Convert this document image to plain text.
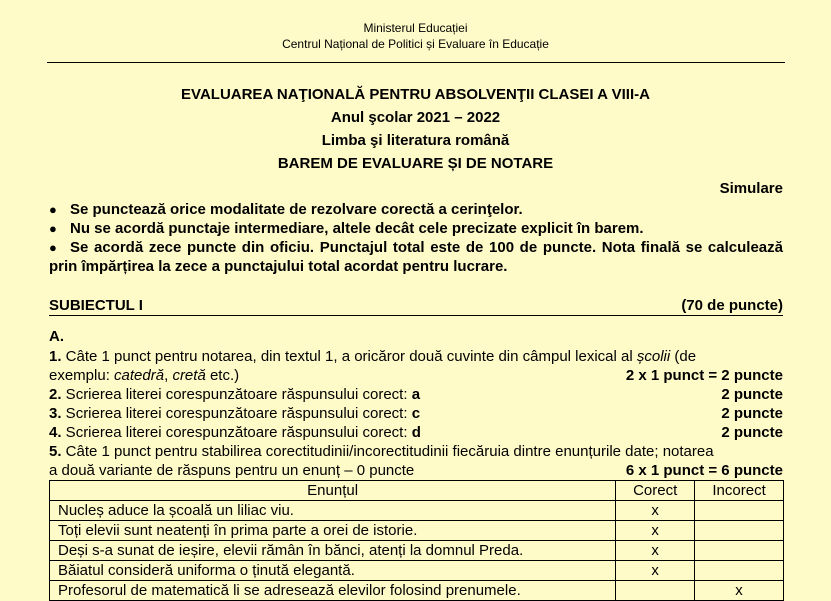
Ministerul Educației
Centrul Național de Politici și Evaluare în Educație
EVALUAREA NAŢIONALĂ PENTRU ABSOLVENŢII CLASEI A VIII-A
Anul şcolar 2021 – 2022
Limba şi literatura română
BAREM DE EVALUARE ȘI DE NOTARE
Simulare
● Se punctează orice modalitate de rezolvare corectă a cerinţelor.
● Nu se acordă punctaje intermediare, altele decât cele precizate explicit în barem.
● Se acordă zece puncte din oficiu. Punctajul total este de 100 de puncte. Nota finală se calculează prin împărțirea la zece a punctajului total acordat pentru lucrare.
SUBIECTUL I	(70 de puncte)
A.
1. Câte 1 punct pentru notarea, din textul 1, a oricăror două cuvinte din câmpul lexical al școlii (de
exemplu: catedră, cretă etc.)	2 x 1 punct = 2 puncte
2. Scrierea literei corespunzătoare răspunsului corect: a	2 puncte
3. Scrierea literei corespunzătoare răspunsului corect: c	2 puncte
4. Scrierea literei corespunzătoare răspunsului corect: d	2 puncte
5. Câte 1 punct pentru stabilirea corectitudinii/incorectitudinii fiecăruia dintre enunțurile date; notarea
a două variante de răspuns pentru un enunț – 0 puncte	6 x 1 punct = 6 puncte
Enunțul	Corect	Incorect
Nucleș aduce la școală un liliac viu.	x	
Toți elevii sunt neatenți în prima parte a orei de istorie.	x	
Deși s-a sunat de ieșire, elevii rămân în bănci, atenți la domnul Preda.	x	
Băiatul consideră uniforma o ținută elegantă.	x	
Profesorul de matematică li se adresează elevilor folosind prenumele.		x
